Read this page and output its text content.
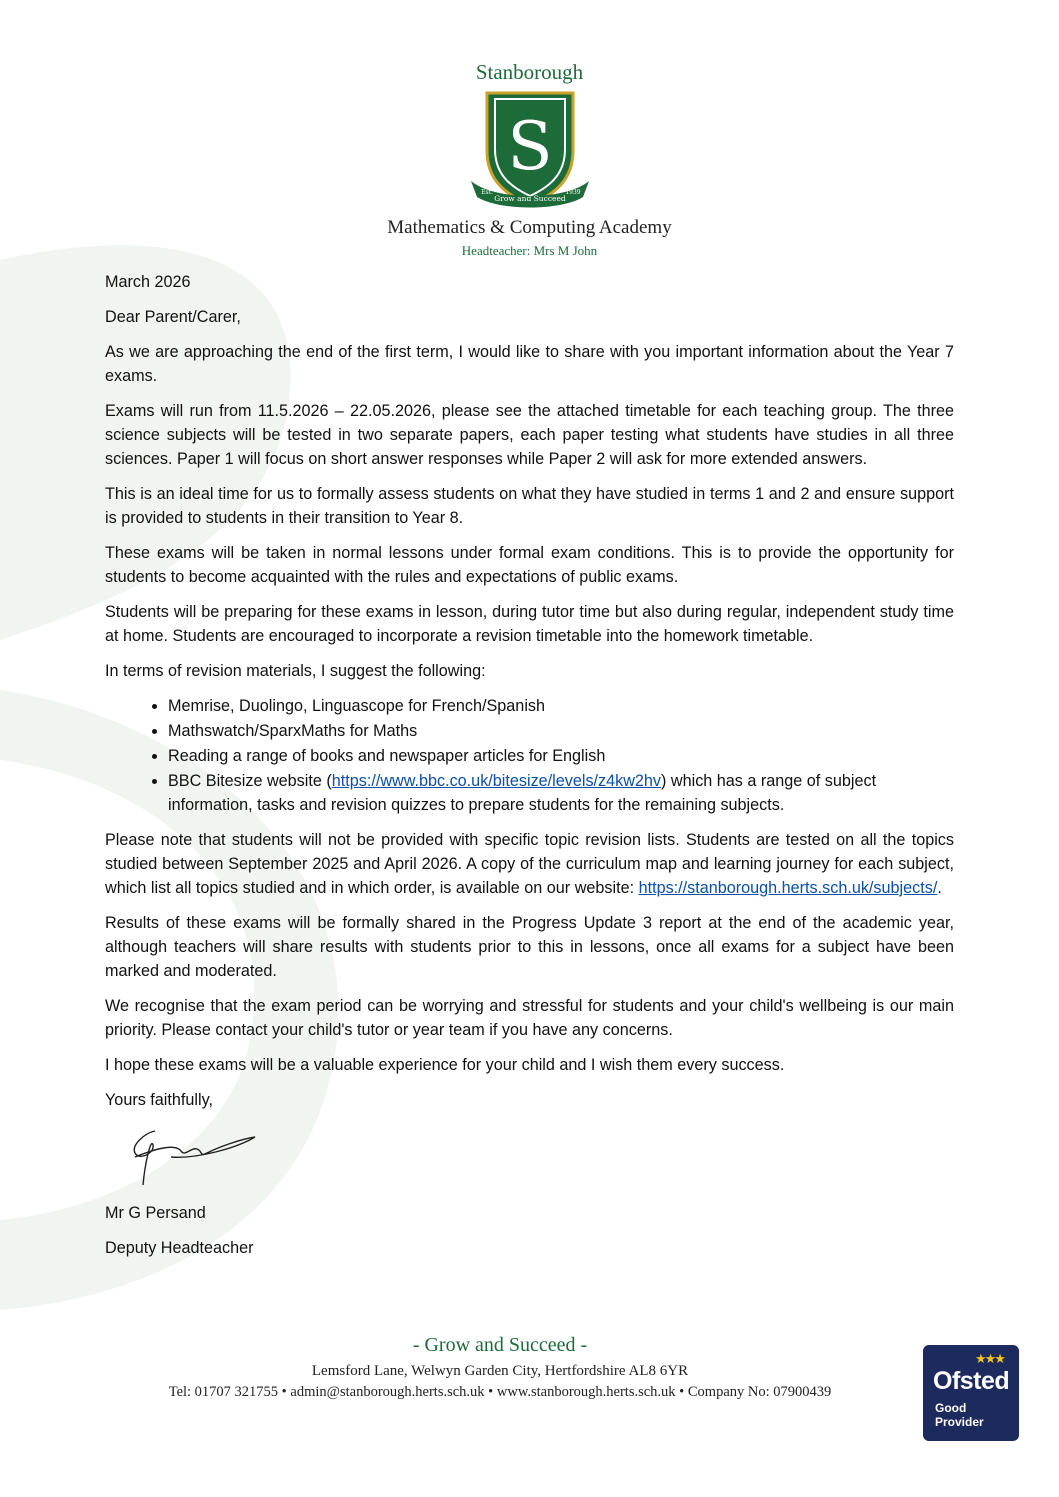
Stanborough
S
Grow and Succeed
Est.	1939
Mathematics & Computing Academy
Headteacher: Mrs M John

March 2026

Dear Parent/Carer,

As we are approaching the end of the first term, I would like to share with you important information about the Year 7 exams.

Exams will run from 11.5.2026 – 22.05.2026, please see the attached timetable for each teaching group. The three science subjects will be tested in two separate papers, each paper testing what students have studies in all three sciences. Paper 1 will focus on short answer responses while Paper 2 will ask for more extended answers.

This is an ideal time for us to formally assess students on what they have studied in terms 1 and 2 and ensure support is provided to students in their transition to Year 8.

These exams will be taken in normal lessons under formal exam conditions. This is to provide the opportunity for students to become acquainted with the rules and expectations of public exams.

Students will be preparing for these exams in lesson, during tutor time but also during regular, independent study time at home. Students are encouraged to incorporate a revision timetable into the homework timetable.

In terms of revision materials, I suggest the following:

• Memrise, Duolingo, Linguascope for French/Spanish
• Mathswatch/SparxMaths for Maths
• Reading a range of books and newspaper articles for English
• BBC Bitesize website (https://www.bbc.co.uk/bitesize/levels/z4kw2hv) which has a range of subject information, tasks and revision quizzes to prepare students for the remaining subjects.

Please note that students will not be provided with specific topic revision lists. Students are tested on all the topics studied between September 2025 and April 2026. A copy of the curriculum map and learning journey for each subject, which list all topics studied and in which order, is available on our website: https://stanborough.herts.sch.uk/subjects/.

Results of these exams will be formally shared in the Progress Update 3 report at the end of the academic year, although teachers will share results with students prior to this in lessons, once all exams for a subject have been marked and moderated.

We recognise that the exam period can be worrying and stressful for students and your child's wellbeing is our main priority. Please contact your child's tutor or year team if you have any concerns.

I hope these exams will be a valuable experience for your child and I wish them every success.

Yours faithfully,

Mr G Persand

Deputy Headteacher

- Grow and Succeed -
Lemsford Lane, Welwyn Garden City, Hertfordshire AL8 6YR
Tel: 01707 321755 • admin@stanborough.herts.sch.uk • www.stanborough.herts.sch.uk • Company No: 07900439
★★★
Ofsted
Good
Provider
